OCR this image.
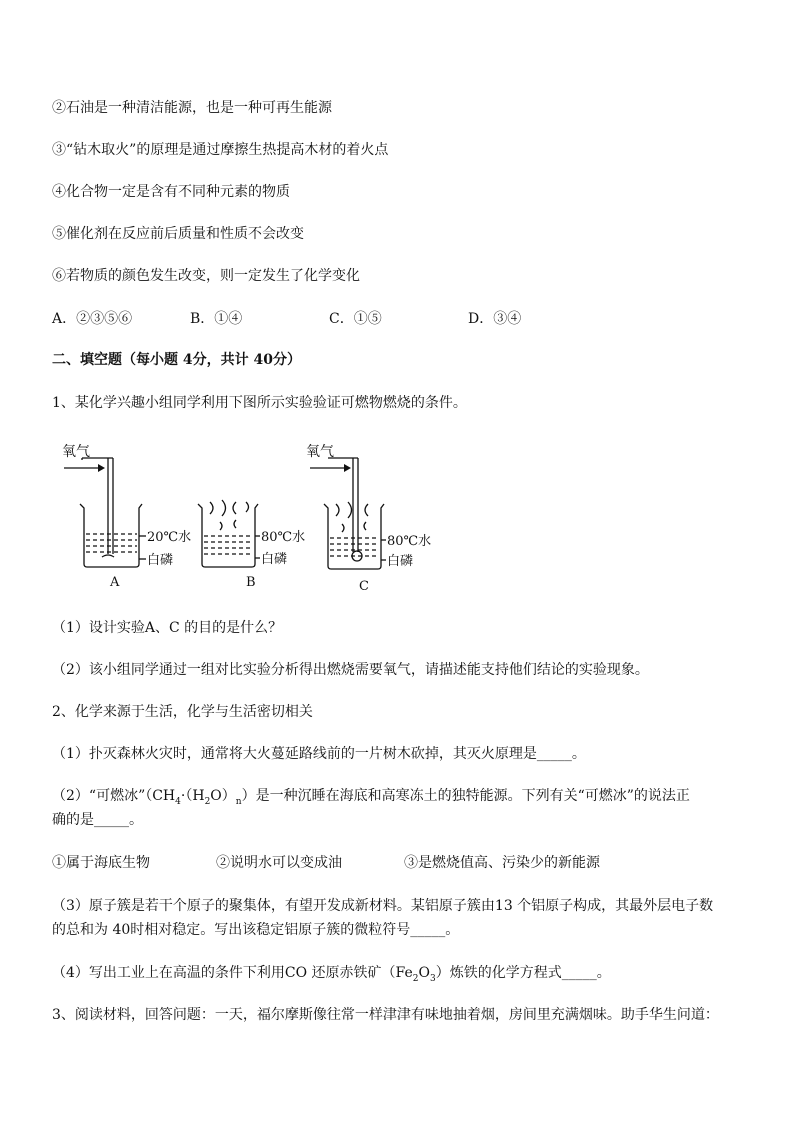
②石油是一种清洁能源，也是一种可再生能源
③“钻木取火”的原理是通过摩擦生热提高木材的着火点
④化合物一定是含有不同种元素的物质
⑤催化剂在反应前后质量和性质不会改变
⑥若物质的颜色发生改变，则一定发生了化学变化
A．②③⑤⑥	B．①④	C．①⑤	D．③④
二、填空题（每小题 4分，共计 40分）
1、某化学兴趣小组同学利用下图所示实验验证可燃物燃烧的条件。
氧气	氧气
20℃水
白磷
80℃水
白磷
80℃水
白磷
A	B	C
（1）设计实验A、C 的目的是什么？
（2）该小组同学通过一组对比实验分析得出燃烧需要氧气，请描述能支持他们结论的实验现象。
2、化学来源于生活，化学与生活密切相关
（1）扑灭森林火灾时，通常将大火蔓延路线前的一片树木砍掉，其灭火原理是_____。
（2）“可燃冰$”(CH_4\cdot(H_2O)_n)$是一种沉睡在海底和高寒冻土的独特能源。下列有关“可燃冰”的说法正
确的是_____。
①属于海底生物	②说明水可以变成油	③是燃烧值高、污染少的新能源
（3）原子簇是若干个原子的聚集体，有望开发成新材料。某铝原子簇由13 个铝原子构成，其最外层电子数
的总和为 40时相对稳定。写出该稳定铝原子簇的微粒符号_____。
（4）写出工业上在高温的条件下利用CO 还原赤铁矿$(Fe_2O_3)$炼铁的化学方程式_____。
3、阅读材料，回答问题：一天，福尔摩斯像往常一样津津有味地抽着烟，房间里充满烟味。助手华生问道：
